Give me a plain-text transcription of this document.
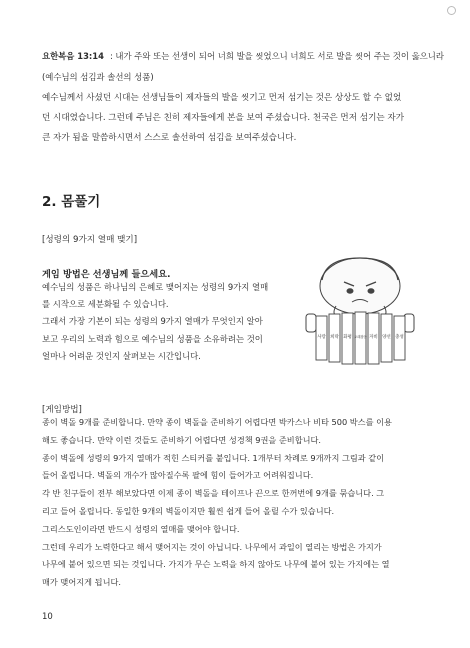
요한복음 13:14 : 내가 주와 또는 선생이 되어 너희 발을 씻었으니 너희도 서로 발을 씻어 주는 것이 옳으니라
(예수님의 섬김과 솔선의 성품)
예수님께서 사셨던 시대는 선생님들이 제자들의 발을 씻기고 먼저 섬기는 것은 상상도 할 수 없었
던 시대였습니다. 그런데 주님은 친히 제자들에게 본을 보여 주셨습니다. 천국은 먼저 섬기는 자가
큰 자가 됨을 말씀하시면서 스스로 솔선하여 섬김을 보여주셨습니다.
2. 몸풀기
[성령의 9가지 열매 맺기]
게임 방법은 선생님께 들으세요.
예수님의 성품은 하나님의 은혜로 맺어지는 성령의 9가지 열매
를 시작으로 세분화될 수 있습니다.
그래서 가장 기본이 되는 성령의 9가지 열매가 무엇인지 알아
보고 우리의 노력과 힘으로 예수님의 성품을 소유하려는 것이
얼마나 어려운 것인지 살펴보는 시간입니다.
사랑 희락 화평 오래참음 자비 양선 충성
[게임방법]
종이 벽돌 9개를 준비합니다. 만약 종이 벽돌을 준비하기 어렵다면 박카스나 비타 500 박스를 이용
해도 좋습니다. 만약 이런 것들도 준비하기 어렵다면 성경책 9권을 준비합니다.
종이 벽돌에 성령의 9가지 열매가 적힌 스티커를 붙입니다. 1개부터 차례로 9개까지 그림과 같이
들어 올립니다. 벽돌의 개수가 많아질수록 팔에 힘이 들어가고 어려워집니다.
각 반 친구들이 전부 해보았다면 이제 종이 벽돌을 테이프나 끈으로 한꺼번에 9개를 묶습니다. 그
리고 들어 올립니다. 동일한 9개의 벽돌이지만 훨씬 쉽게 들어 올릴 수가 있습니다.
그리스도인이라면 반드시 성령의 열매를 맺어야 합니다.
그런데 우리가 노력한다고 해서 맺어지는 것이 아닙니다. 나무에서 과일이 열리는 방법은 가지가
나무에 붙어 있으면 되는 것입니다. 가지가 무슨 노력을 하지 않아도 나무에 붙어 있는 가지에는 열
매가 맺어지게 됩니다.
10
